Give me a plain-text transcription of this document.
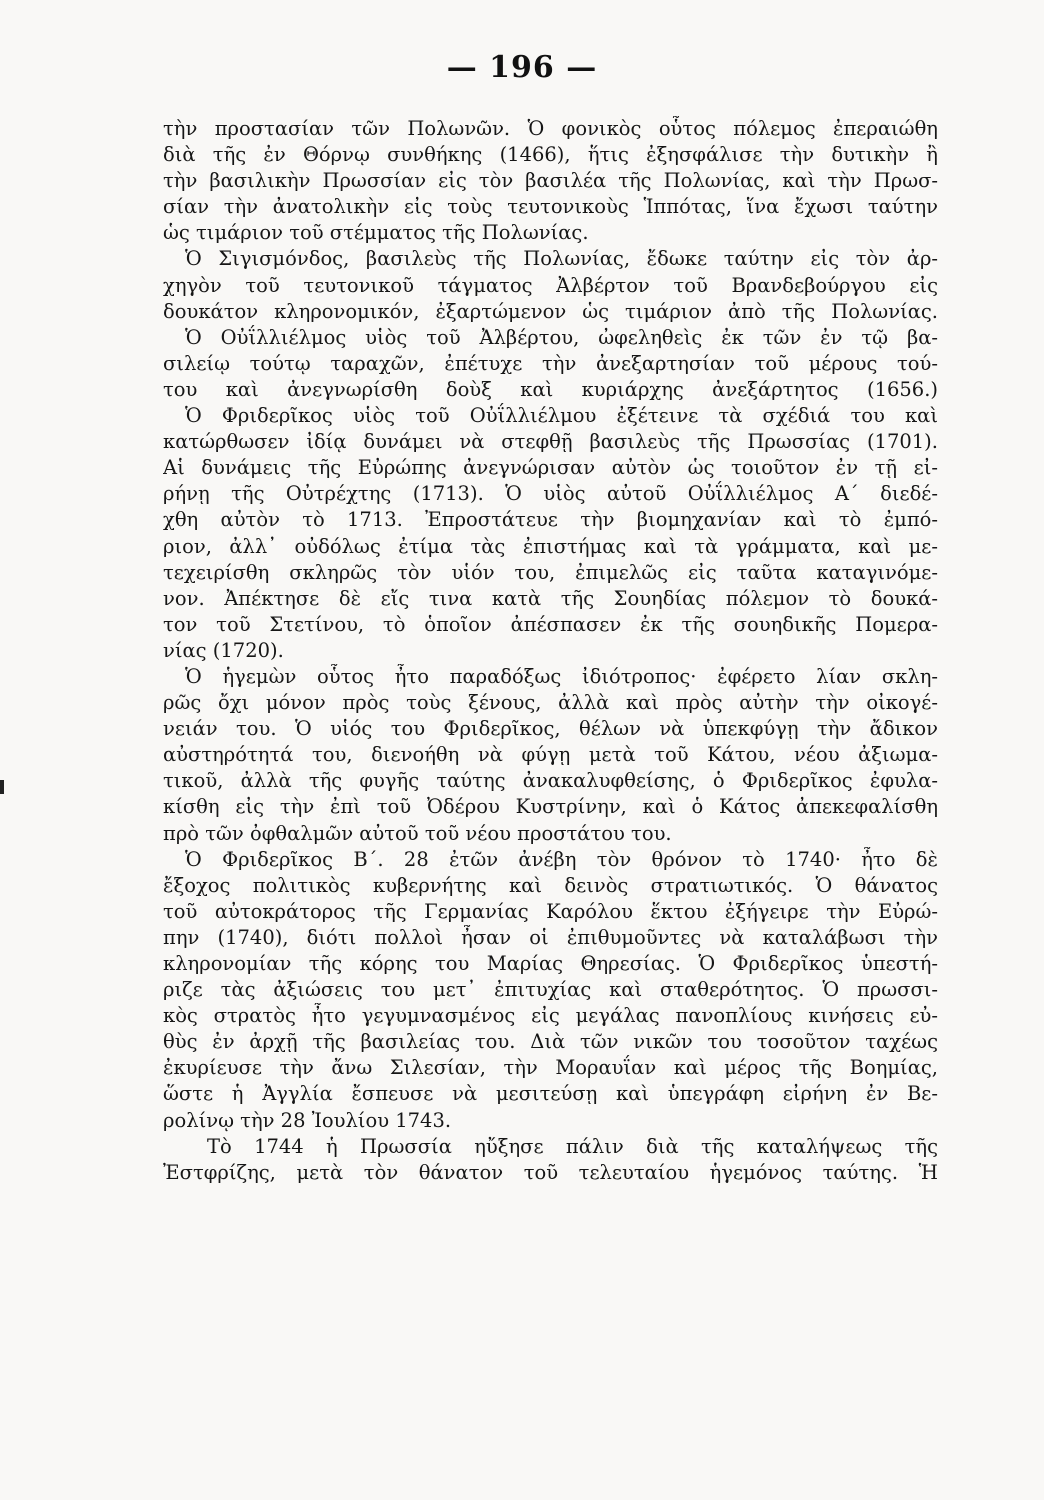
— 196 —
τὴν προστασίαν τῶν Πολωνῶν. Ὁ φονικὸς οὗτος πόλεμος ἐπεραιώθη
διὰ τῆς ἐν Θόρνῳ συνθήκης (1466), ἥτις ἐξησφάλισε τὴν δυτικὴν ἢ
τὴν βασιλικὴν Πρωσσίαν εἰς τὸν βασιλέα τῆς Πολωνίας, καὶ τὴν Πρωσ-
σίαν τὴν ἀνατολικὴν εἰς τοὺς τευτονικοὺς Ἱππότας, ἵνα ἔχωσι ταύτην
ὡς τιμάριον τοῦ στέμματος τῆς Πολωνίας.
Ὁ Σιγισμόνδος, βασιλεὺς τῆς Πολωνίας, ἔδωκε ταύτην εἰς τὸν ἀρ-
χηγὸν τοῦ τευτονικοῦ τάγματος Ἀλβέρτον τοῦ Βρανδεβούργου εἰς
δουκάτον κληρονομικόν, ἐξαρτώμενον ὡς τιμάριον ἀπὸ τῆς Πολωνίας.
Ὁ Οὐΐλλιέλμος υἱὸς τοῦ Ἀλβέρτου, ὠφεληθεὶς ἐκ τῶν ἐν τῷ βα-
σιλείῳ τούτῳ ταραχῶν, ἐπέτυχε τὴν ἀνεξαρτησίαν τοῦ μέρους τού-
του καὶ ἀνεγνωρίσθη δοὺξ καὶ κυριάρχης ἀνεξάρτητος (1656.)
Ὁ Φριδερῖκος υἱὸς τοῦ Οὐΐλλιέλμου ἐξέτεινε τὰ σχέδιά του καὶ
κατώρθωσεν ἰδίᾳ δυνάμει νὰ στεφθῇ βασιλεὺς τῆς Πρωσσίας (1701).
Αἱ δυνάμεις τῆς Εὐρώπης ἀνεγνώρισαν αὐτὸν ὡς τοιοῦτον ἐν τῇ εἰ-
ρήνῃ τῆς Οὐτρέχτης (1713). Ὁ υἱὸς αὐτοῦ Οὐΐλλιέλμος Α΄ διεδέ-
χθη αὐτὸν τὸ 1713. Ἐπροστάτευε τὴν βιομηχανίαν καὶ τὸ ἐμπό-
ριον, ἀλλ᾽ οὐδόλως ἐτίμα τὰς ἐπιστήμας καὶ τὰ γράμματα, καὶ με-
τεχειρίσθη σκληρῶς τὸν υἱόν του, ἐπιμελῶς εἰς ταῦτα καταγινόμε-
νον. Ἀπέκτησε δὲ εἴς τινα κατὰ τῆς Σουηδίας πόλεμον τὸ δουκά-
τον τοῦ Στετίνου, τὸ ὁποῖον ἀπέσπασεν ἐκ τῆς σουηδικῆς Πομερα-
νίας (1720).
Ὁ ἡγεμὼν οὗτος ἦτο παραδόξως ἰδιότροπος· ἐφέρετο λίαν σκλη-
ρῶς ὄχι μόνον πρὸς τοὺς ξένους, ἀλλὰ καὶ πρὸς αὐτὴν τὴν οἰκογέ-
νειάν του. Ὁ υἱός του Φριδερῖκος, θέλων νὰ ὑπεκφύγῃ τὴν ἄδικον
αὐστηρότητά του, διενοήθη νὰ φύγῃ μετὰ τοῦ Κάτου, νέου ἀξιωμα-
τικοῦ, ἀλλὰ τῆς φυγῆς ταύτης ἀνακαλυφθείσης, ὁ Φριδερῖκος ἐφυλα-
κίσθη εἰς τὴν ἐπὶ τοῦ Ὀδέρου Κυστρίνην, καὶ ὁ Κάτος ἀπεκεφαλίσθη
πρὸ τῶν ὀφθαλμῶν αὐτοῦ τοῦ νέου προστάτου του.
Ὁ Φριδερῖκος Β΄. 28 ἐτῶν ἀνέβη τὸν θρόνον τὸ 1740· ἦτο δὲ
ἔξοχος πολιτικὸς κυβερνήτης καὶ δεινὸς στρατιωτικός. Ὁ θάνατος
τοῦ αὐτοκράτορος τῆς Γερμανίας Καρόλου ἕκτου ἐξήγειρε τὴν Εὐρώ-
πην (1740), διότι πολλοὶ ἦσαν οἱ ἐπιθυμοῦντες νὰ καταλάβωσι τὴν
κληρονομίαν τῆς κόρης του Μαρίας Θηρεσίας. Ὁ Φριδερῖκος ὑπεστή-
ριζε τὰς ἀξιώσεις του μετ᾽ ἐπιτυχίας καὶ σταθερότητος. Ὁ πρωσσι-
κὸς στρατὸς ἦτο γεγυμνασμένος εἰς μεγάλας πανοπλίους κινήσεις εὐ-
θὺς ἐν ἀρχῇ τῆς βασιλείας του. Διὰ τῶν νικῶν του τοσοῦτον ταχέως
ἐκυρίευσε τὴν ἄνω Σιλεσίαν, τὴν Μοραυΐαν καὶ μέρος τῆς Βοημίας,
ὥστε ἡ Ἀγγλία ἔσπευσε νὰ μεσιτεύσῃ καὶ ὑπεγράφη εἰρήνη ἐν Βε-
ρολίνῳ τὴν 28 Ἰουλίου 1743.
Τὸ 1744 ἡ Πρωσσία ηὔξησε πάλιν διὰ τῆς καταλήψεως τῆς
Ἐστφρίζης, μετὰ τὸν θάνατον τοῦ τελευταίου ἡγεμόνος ταύτης. Ἡ
